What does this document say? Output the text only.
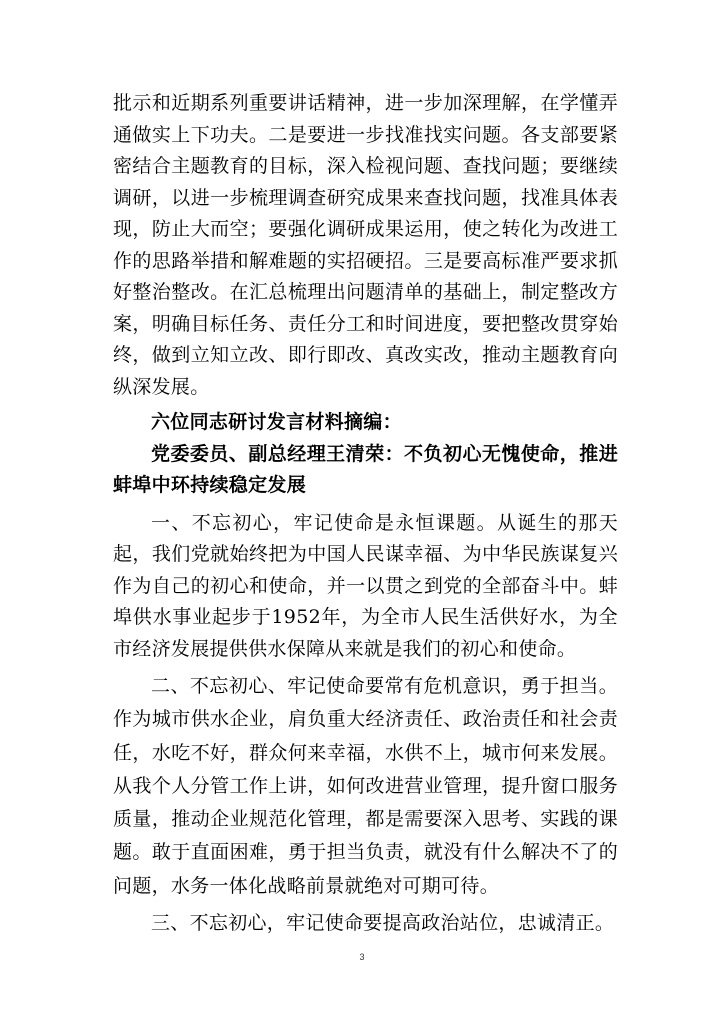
批示和近期系列重要讲话精神，进一步加深理解，在学懂弄通做实上下功夫。二是要进一步找准找实问题。各支部要紧密结合主题教育的目标，深入检视问题、查找问题；要继续调研，以进一步梳理调查研究成果来查找问题，找准具体表现，防止大而空；要强化调研成果运用，使之转化为改进工作的思路举措和解难题的实招硬招。三是要高标准严要求抓好整治整改。在汇总梳理出问题清单的基础上，制定整改方案，明确目标任务、责任分工和时间进度，要把整改贯穿始终，做到立知立改、即行即改、真改实改，推动主题教育向纵深发展。

六位同志研讨发言材料摘编：

党委委员、副总经理王清荣：不负初心无愧使命，推进蚌埠中环持续稳定发展

一、不忘初心，牢记使命是永恒课题。从诞生的那天起，我们党就始终把为中国人民谋幸福、为中华民族谋复兴作为自己的初心和使命，并一以贯之到党的全部奋斗中。蚌埠供水事业起步于1952年，为全市人民生活供好水，为全市经济发展提供供水保障从来就是我们的初心和使命。

二、不忘初心、牢记使命要常有危机意识，勇于担当。作为城市供水企业，肩负重大经济责任、政治责任和社会责任，水吃不好，群众何来幸福，水供不上，城市何来发展。从我个人分管工作上讲，如何改进营业管理，提升窗口服务质量，推动企业规范化管理，都是需要深入思考、实践的课题。敢于直面困难，勇于担当负责，就没有什么解决不了的问题，水务一体化战略前景就绝对可期可待。

三、不忘初心，牢记使命要提高政治站位，忠诚清正。

3
